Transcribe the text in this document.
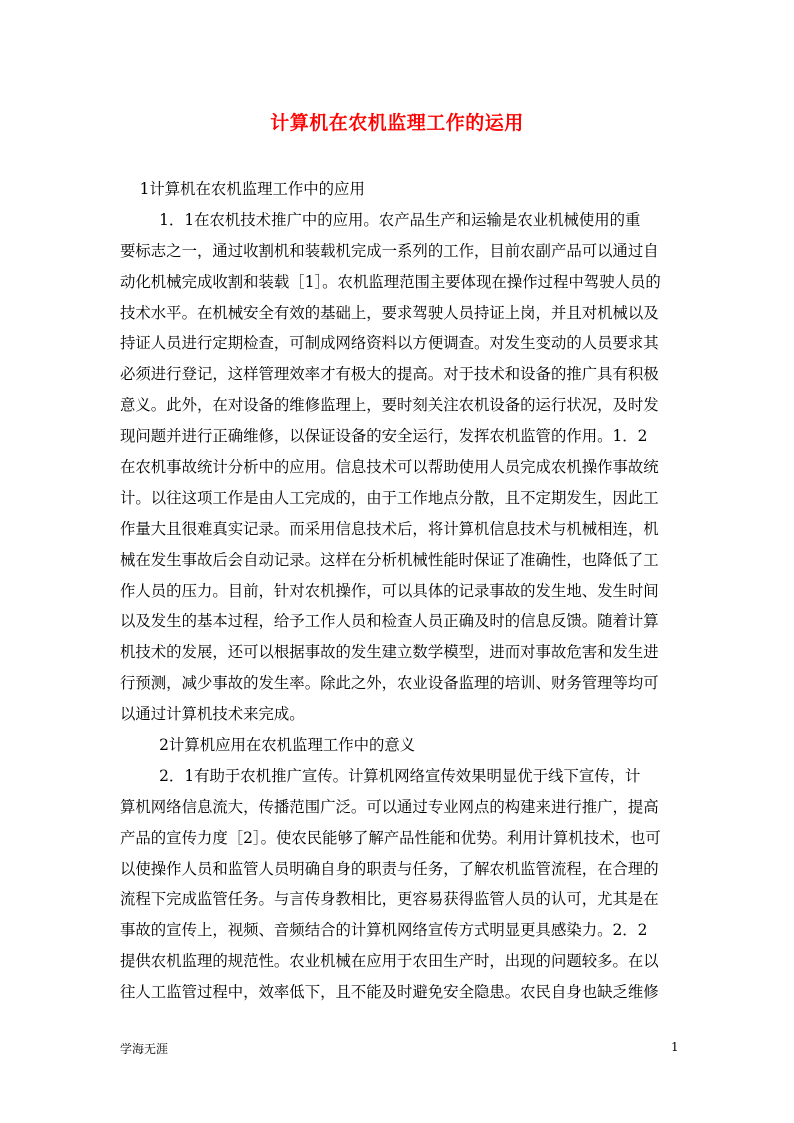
计算机在农机监理工作的运用
1计算机在农机监理工作中的应用
1．1在农机技术推广中的应用。农产品生产和运输是农业机械使用的重
要标志之一，通过收割机和装载机完成一系列的工作，目前农副产品可以通过自
动化机械完成收割和装载［1］。农机监理范围主要体现在操作过程中驾驶人员的
技术水平。在机械安全有效的基础上，要求驾驶人员持证上岗，并且对机械以及
持证人员进行定期检查，可制成网络资料以方便调查。对发生变动的人员要求其
必须进行登记，这样管理效率才有极大的提高。对于技术和设备的推广具有积极
意义。此外，在对设备的维修监理上，要时刻关注农机设备的运行状况，及时发
现问题并进行正确维修，以保证设备的安全运行，发挥农机监管的作用。1．2
在农机事故统计分析中的应用。信息技术可以帮助使用人员完成农机操作事故统
计。以往这项工作是由人工完成的，由于工作地点分散，且不定期发生，因此工
作量大且很难真实记录。而采用信息技术后，将计算机信息技术与机械相连，机
械在发生事故后会自动记录。这样在分析机械性能时保证了准确性，也降低了工
作人员的压力。目前，针对农机操作，可以具体的记录事故的发生地、发生时间
以及发生的基本过程，给予工作人员和检查人员正确及时的信息反馈。随着计算
机技术的发展，还可以根据事故的发生建立数学模型，进而对事故危害和发生进
行预测，减少事故的发生率。除此之外，农业设备监理的培训、财务管理等均可
以通过计算机技术来完成。
2计算机应用在农机监理工作中的意义
2．1有助于农机推广宣传。计算机网络宣传效果明显优于线下宣传，计
算机网络信息流大，传播范围广泛。可以通过专业网点的构建来进行推广，提高
产品的宣传力度［2］。使农民能够了解产品性能和优势。利用计算机技术，也可
以使操作人员和监管人员明确自身的职责与任务，了解农机监管流程，在合理的
流程下完成监管任务。与言传身教相比，更容易获得监管人员的认可，尤其是在
事故的宣传上，视频、音频结合的计算机网络宣传方式明显更具感染力。2．2
提供农机监理的规范性。农业机械在应用于农田生产时，出现的问题较多。在以
往人工监管过程中，效率低下，且不能及时避免安全隐患。农民自身也缺乏维修
学海无涯	1
